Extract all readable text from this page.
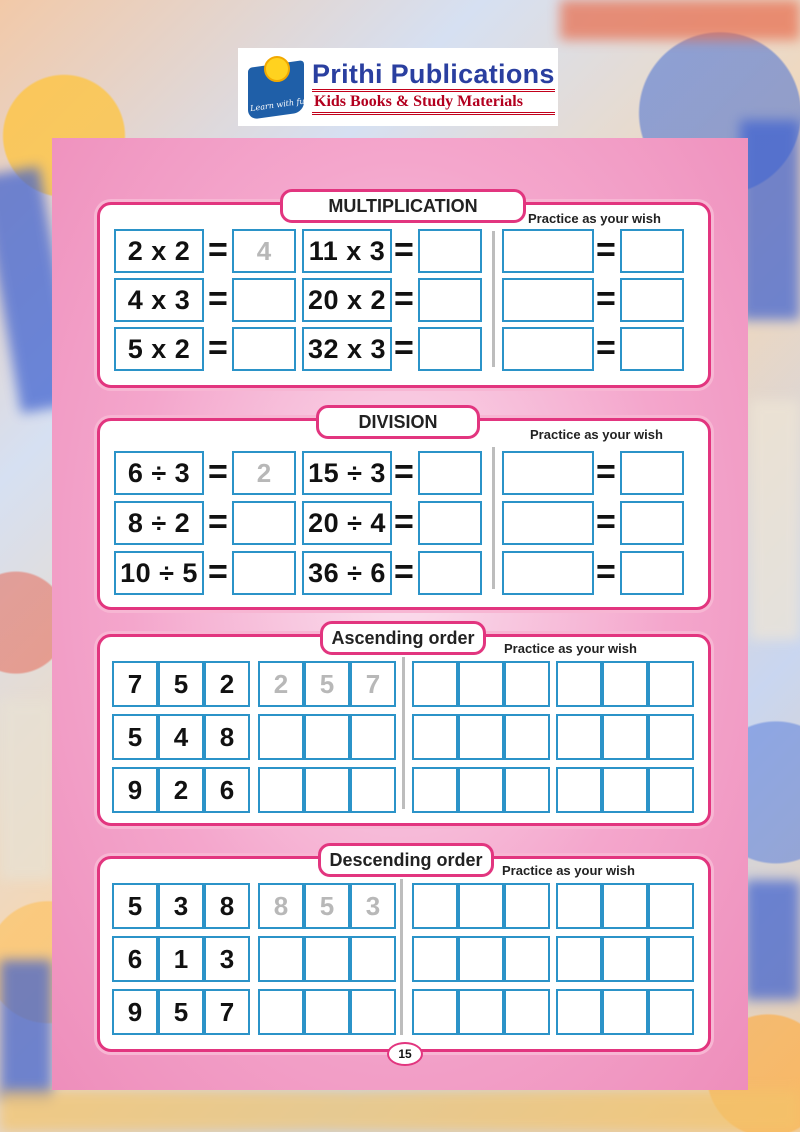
Learn with fun
Prithi Publications
Kids Books & Study Materials
MULTIPLICATION
Practice as your wish
2 x 2 =	4	11 x 3 =	=
4 x 3 =	20 x 2 =	=
5 x 2 =	32 x 3 =	=
DIVISION
Practice as your wish
6 ÷ 3 =	2	15 ÷ 3 =	=
8 ÷ 2 =	20 ÷ 4 =	=
10 ÷ 5 =	36 ÷ 6 =	=
Ascending order
Practice as your wish
7	5	2	2	5	7
5	4	8
9	2	6
Descending order
Practice as your wish
5	3	8	8	5	3
6	1	3
9	5	7
15
